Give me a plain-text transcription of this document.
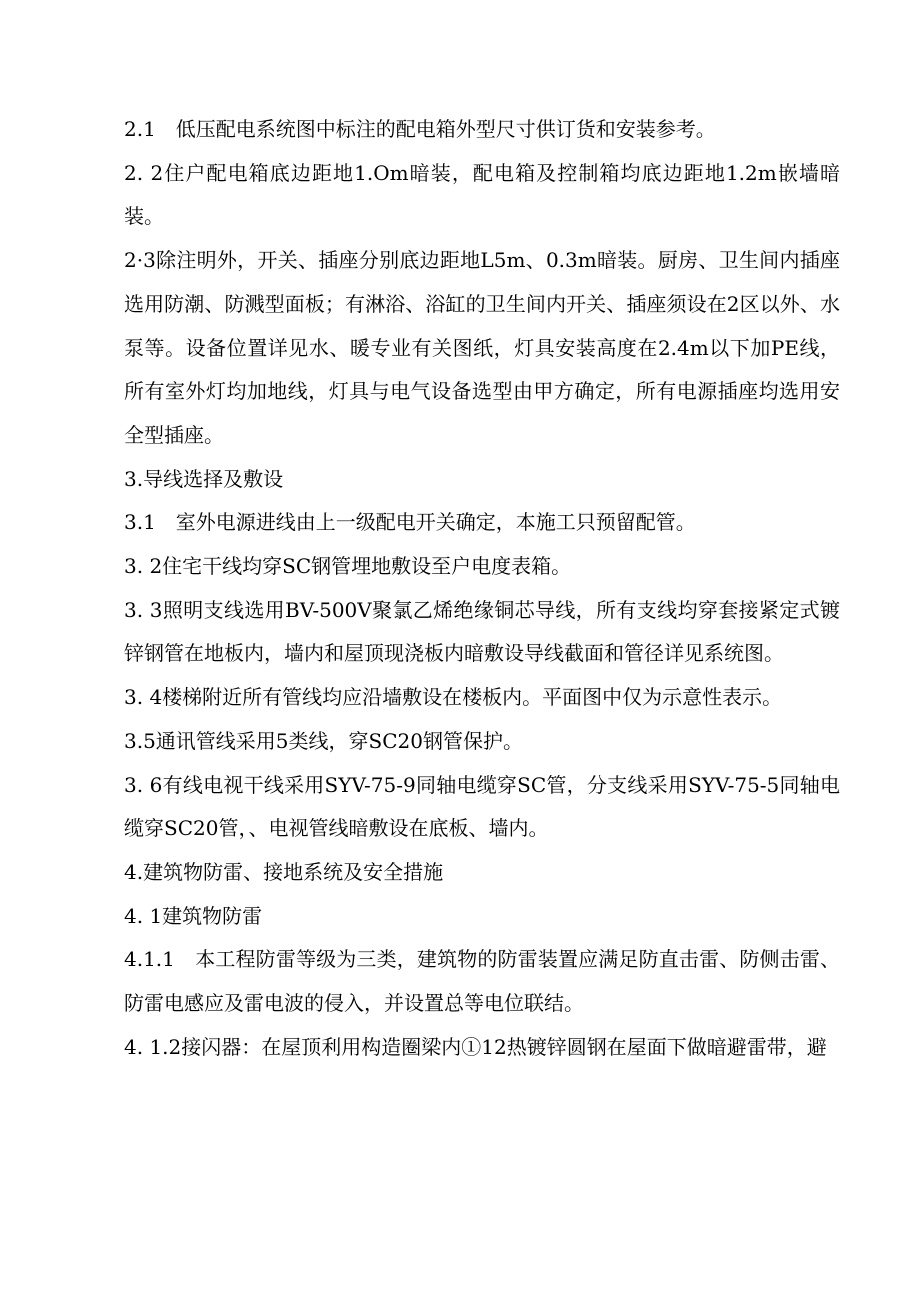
2.1　低压配电系统图中标注的配电箱外型尺寸供订货和安装参考。

2. 2住户配电箱底边距地1.Om暗装，配电箱及控制箱均底边距地1.2m嵌墙暗装。

2·3除注明外，开关、插座分别底边距地L5m、0.3m暗装。厨房、卫生间内插座选用防潮、防溅型面板；有淋浴、浴缸的卫生间内开关、插座须设在2区以外、水泵等。设备位置详见水、暖专业有关图纸，灯具安装高度在2.4m以下加PE线，所有室外灯均加地线，灯具与电气设备选型由甲方确定，所有电源插座均选用安全型插座。

3.导线选择及敷设

3.1　室外电源进线由上一级配电开关确定，本施工只预留配管。

3. 2住宅干线均穿SC钢管埋地敷设至户电度表箱。

3. 3照明支线选用BV-500V聚氯乙烯绝缘铜芯导线，所有支线均穿套接紧定式镀锌钢管在地板内，墙内和屋顶现浇板内暗敷设导线截面和管径详见系统图。

3. 4楼梯附近所有管线均应沿墙敷设在楼板内。平面图中仅为示意性表示。

3.5通讯管线采用5类线，穿SC20钢管保护。

3. 6有线电视干线采用SYV-75-9同轴电缆穿SC管，分支线采用SYV-75-5同轴电缆穿SC20管，、电视管线暗敷设在底板、墙内。

4.建筑物防雷、接地系统及安全措施

4. 1建筑物防雷

4.1.1　本工程防雷等级为三类，建筑物的防雷装置应满足防直击雷、防侧击雷、防雷电感应及雷电波的侵入，并设置总等电位联结。

4. 1.2接闪器：在屋顶利用构造圈梁内①12热镀锌圆钢在屋面下做暗避雷带，避
